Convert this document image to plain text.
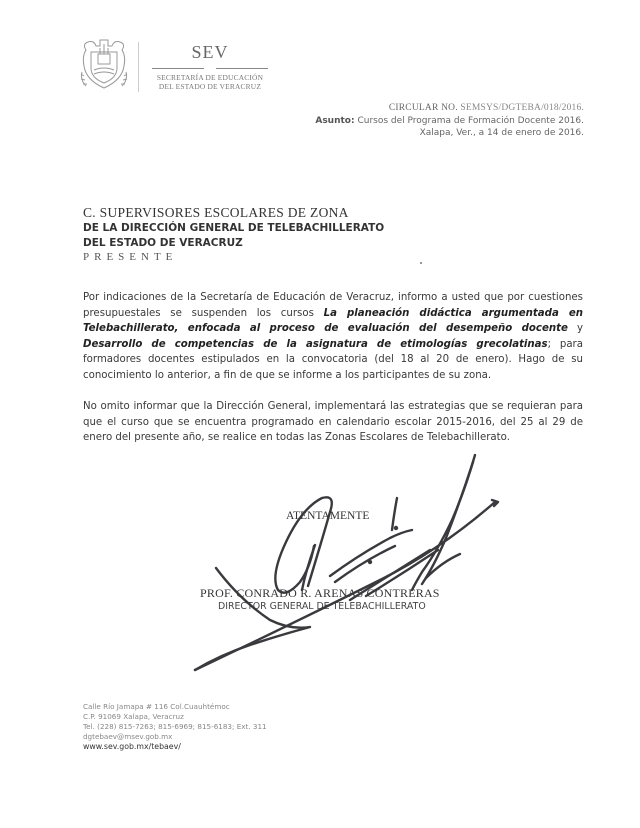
SEV
SECRETARÍA DE EDUCACIÓN
DEL ESTADO DE VERACRUZ
CIRCULAR NO. SEMSYS/DGTEBA/018/2016.
Asunto: Cursos del Programa de Formación Docente 2016.
Xalapa, Ver., a 14 de enero de 2016.
C. SUPERVISORES ESCOLARES DE ZONA
DE LA DIRECCIÓN GENERAL DE TELEBACHILLERATO
DEL ESTADO DE VERACRUZ
PRESENTE
Por indicaciones de la Secretaría de Educación de Veracruz, informo a usted que por cuestiones presupuestales se suspenden los cursos La planeación didáctica argumentada en Telebachillerato, enfocada al proceso de evaluación del desempeño docente y Desarrollo de competencias de la asignatura de etimologías grecolatinas; para formadores docentes estipulados en la convocatoria (del 18 al 20 de enero). Hago de su conocimiento lo anterior, a fin de que se informe a los participantes de su zona.
No omito informar que la Dirección General, implementará las estrategias que se requieran para que el curso que se encuentra programado en calendario escolar 2015-2016, del 25 al 29 de enero del presente año, se realice en todas las Zonas Escolares de Telebachillerato.
ATENTAMENTE
PROF. CONRADO R. ARENAS CONTRERAS
DIRECTOR GENERAL DE TELEBACHILLERATO
Calle Río Jamapa # 116 Col.Cuauhtémoc
C.P. 91069 Xalapa, Veracruz
Tel. (228) 815-7263; 815-6969; 815-6183; Ext. 311
dgtebaev@msev.gob.mx
www.sev.gob.mx/tebaev/
